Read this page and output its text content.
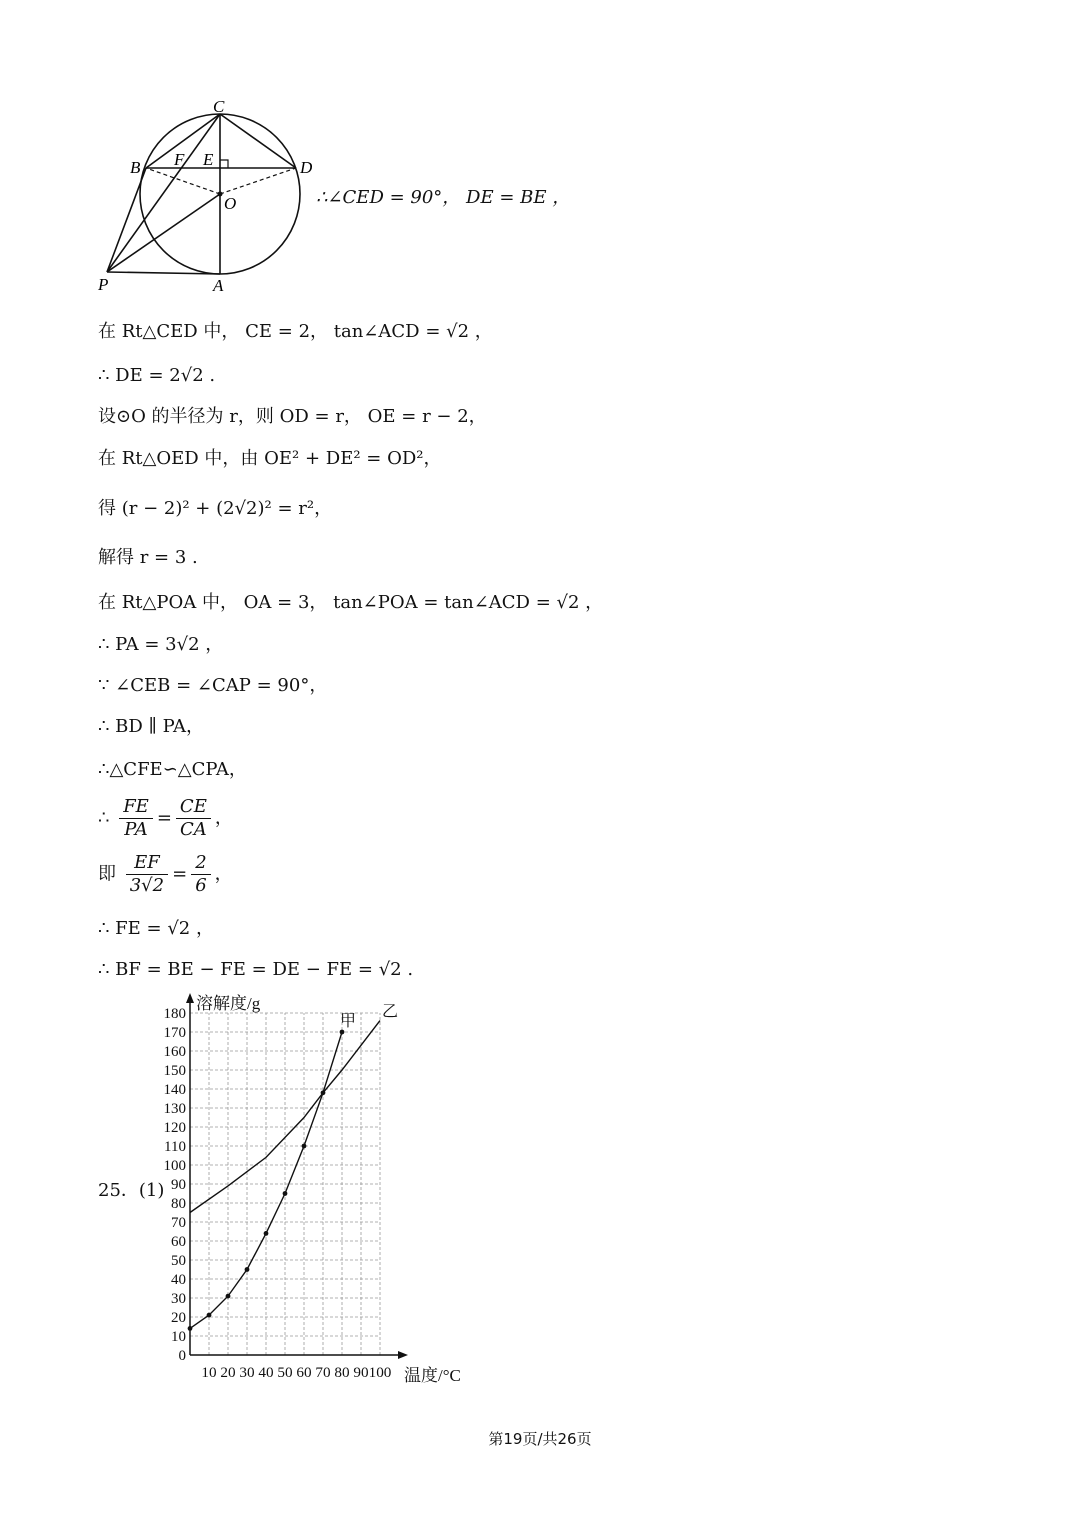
C
B F E	D
O
P	A
∴∠CED = 90°， DE = BE ，
在 Rt△CED 中， CE = 2， tan∠ACD = √2 ，
∴ DE = 2√2 .
设⊙O 的半径为 r，则 OD = r， OE = r − 2，
在 Rt△OED 中，由 OE² + DE² = OD²，
得 (r − 2)² + (2√2)² = r²，
解得 r = 3 .
在 Rt△POA 中， OA = 3， tan∠POA = tan∠ACD = √2 ，
∴ PA = 3√2 ，
∵ ∠CEB = ∠CAP = 90°，
∴ BD ∥ PA，
∴△CFE∽△CPA，
∴ $\frac{FE}{PA} = \frac{CE}{CA}$ ，
即 $\frac{EF}{3√2} = \frac{2}{6}$ ，
∴ FE = √2 ，
∴ BF = BE − FE = DE − FE = √2 .
25．(1)
0
10
20
30
40
50
60
70
80
90
100
110
120
130
140
150
160
170
180
10 20 30 40 50 60 70 80 90 100
溶解度/g
温度/°C
甲
乙
第19页/共26页
